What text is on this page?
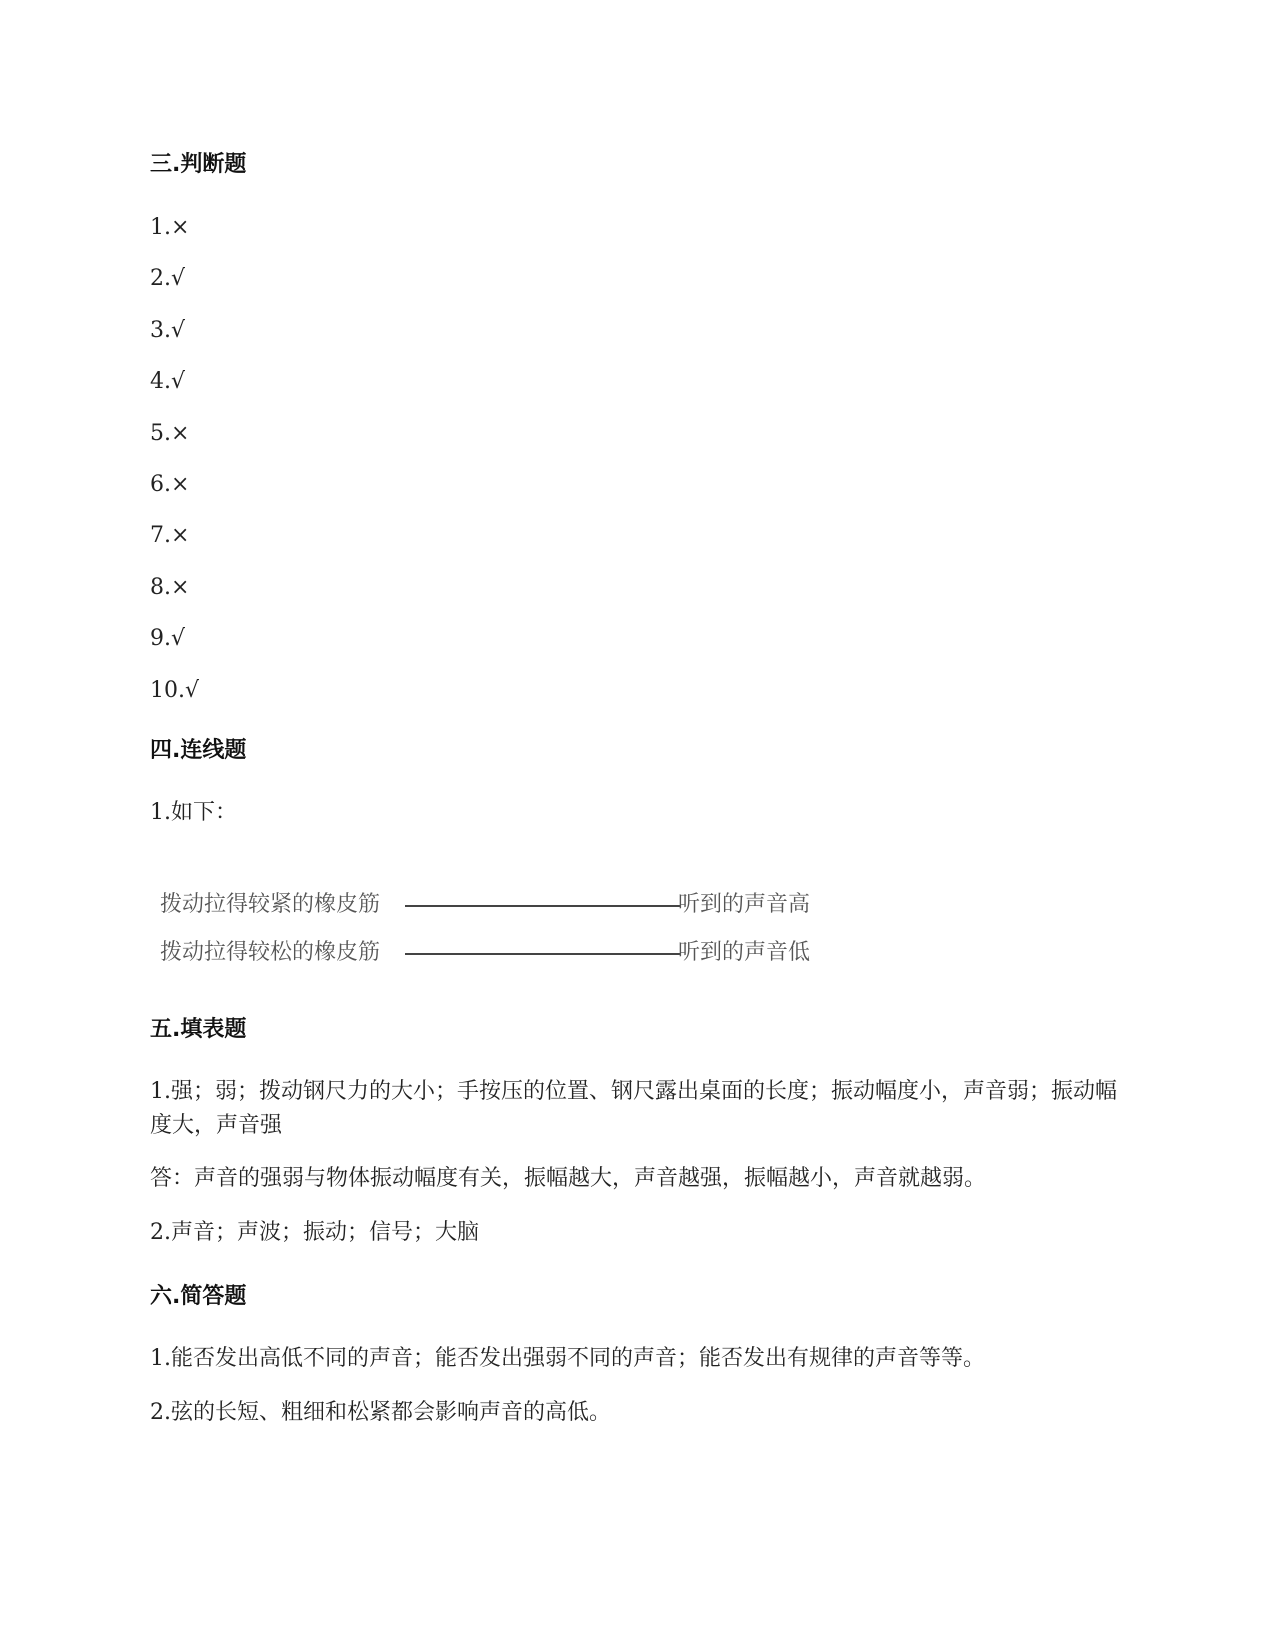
三.判断题
1.×
2.√
3.√
4.√
5.×
6.×
7.×
8.×
9.√
10.√
四.连线题
1.如下：
拨动拉得较紧的橡皮筋	听到的声音高
拨动拉得较松的橡皮筋	听到的声音低
五.填表题
1.强；弱；拨动钢尺力的大小；手按压的位置、钢尺露出桌面的长度；振动幅度小，声音弱；振动幅度大，声音强
答：声音的强弱与物体振动幅度有关，振幅越大，声音越强，振幅越小，声音就越弱。
2.声音；声波；振动；信号；大脑
六.简答题
1.能否发出高低不同的声音；能否发出强弱不同的声音；能否发出有规律的声音等等。
2.弦的长短、粗细和松紧都会影响声音的高低。
